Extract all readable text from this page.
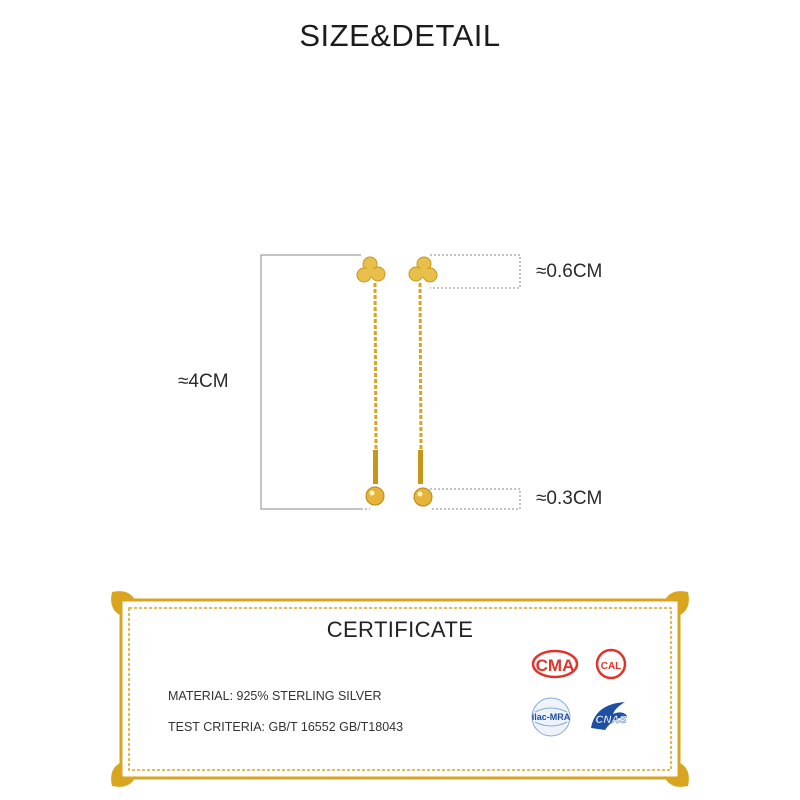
SIZE&DETAIL
≈4CM
≈0.6CM
≈0.3CM
CMA	CAL
ilac-MRA CNAS
CERTIFICATE
MATERIAL: 925% STERLING SILVER
TEST CRITERIA: GB/T 16552 GB/T18043
